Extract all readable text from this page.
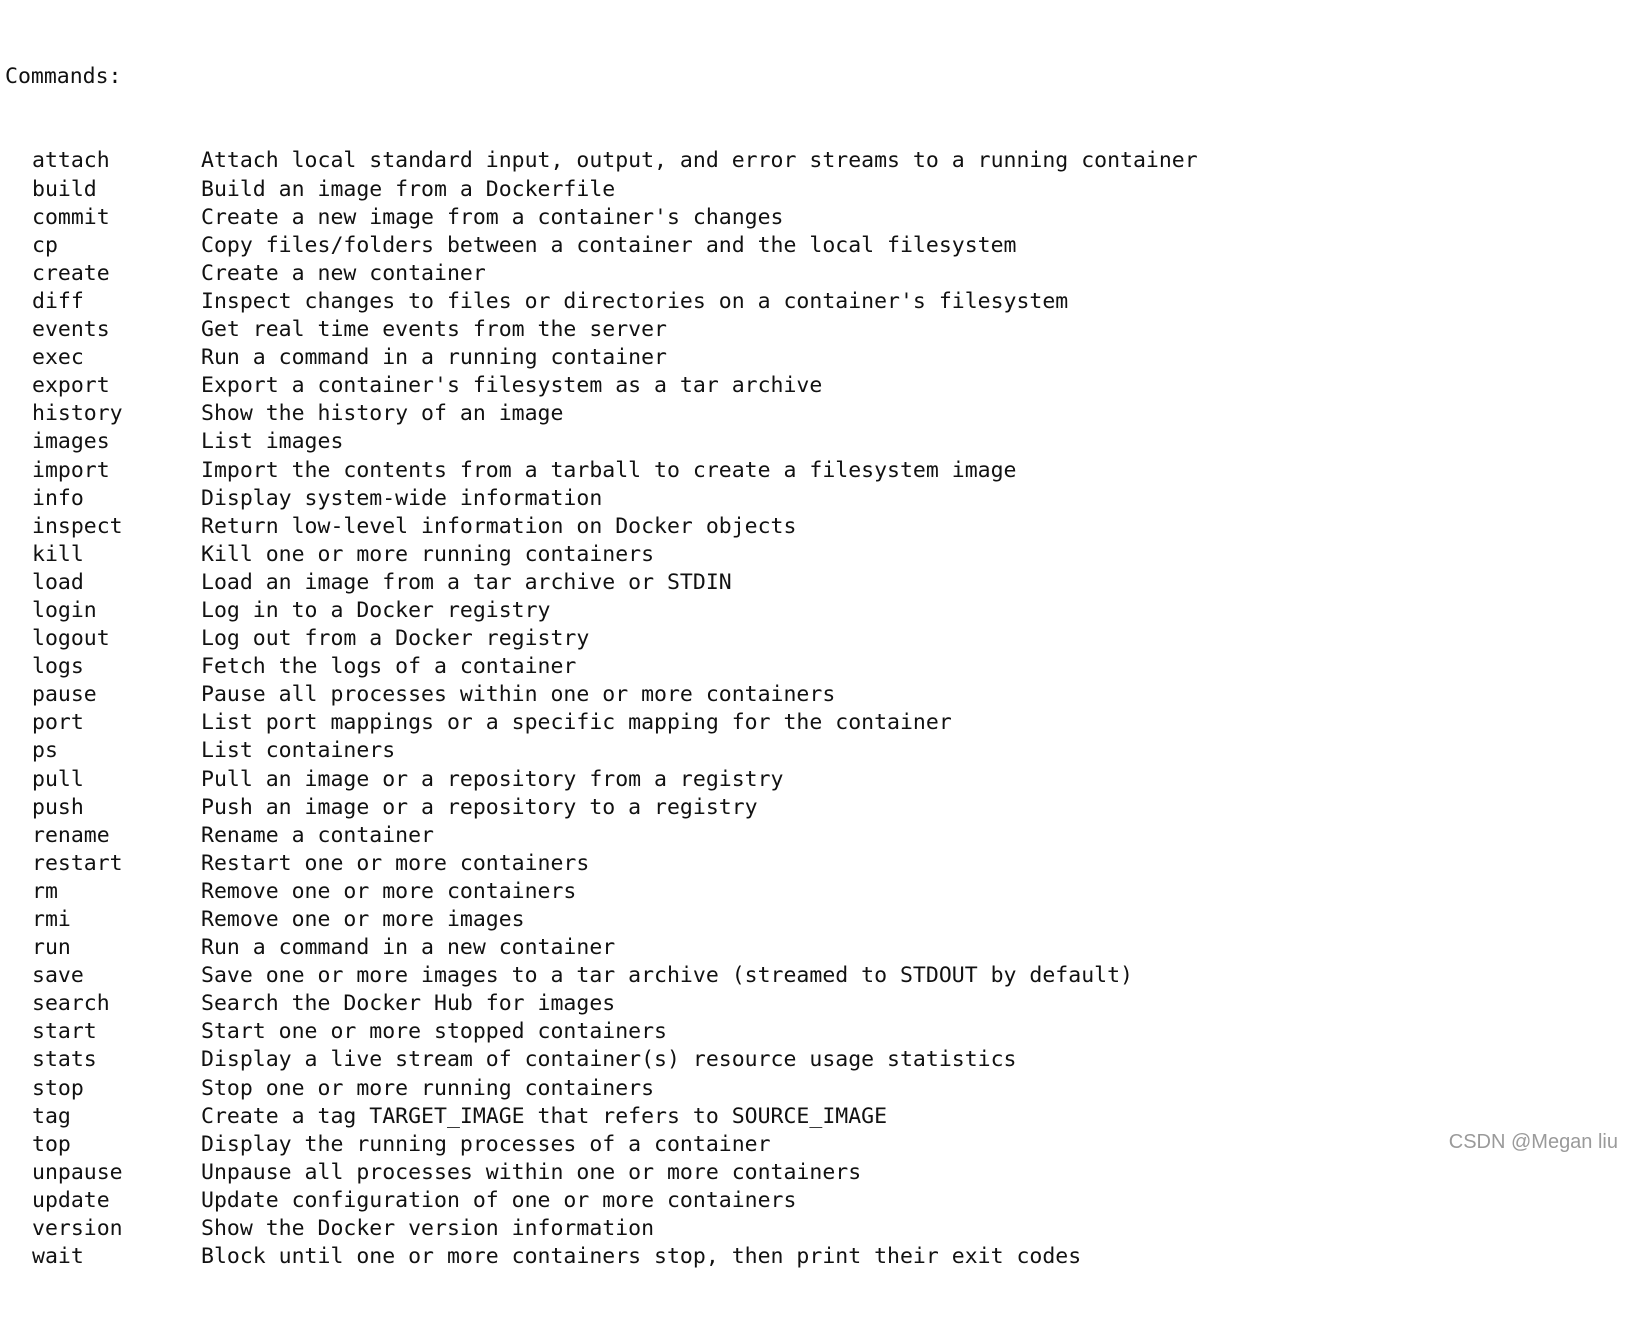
Commands:

attach	Attach local standard input, output, and error streams to a running container
build	Build an image from a Dockerfile
commit	Create a new image from a container's changes
cp	Copy files/folders between a container and the local filesystem
create	Create a new container
diff	Inspect changes to files or directories on a container's filesystem
events	Get real time events from the server
exec	Run a command in a running container
export	Export a container's filesystem as a tar archive
history	Show the history of an image
images	List images
import	Import the contents from a tarball to create a filesystem image
info	Display system-wide information
inspect	Return low-level information on Docker objects
kill	Kill one or more running containers
load	Load an image from a tar archive or STDIN
login	Log in to a Docker registry
logout	Log out from a Docker registry
logs	Fetch the logs of a container
pause	Pause all processes within one or more containers
port	List port mappings or a specific mapping for the container
ps	List containers
pull	Pull an image or a repository from a registry
push	Push an image or a repository to a registry
rename	Rename a container
restart	Restart one or more containers
rm	Remove one or more containers
rmi	Remove one or more images
run	Run a command in a new container
save	Save one or more images to a tar archive (streamed to STDOUT by default)
search	Search the Docker Hub for images
start	Start one or more stopped containers
stats	Display a live stream of container(s) resource usage statistics
stop	Stop one or more running containers
tag	Create a tag TARGET_IMAGE that refers to SOURCE_IMAGE
top	Display the running processes of a container
unpause	Unpause all processes within one or more containers
update	Update configuration of one or more containers
version	Show the Docker version information
wait	Block until one or more containers stop, then print their exit codes

CSDN @Megan liu
